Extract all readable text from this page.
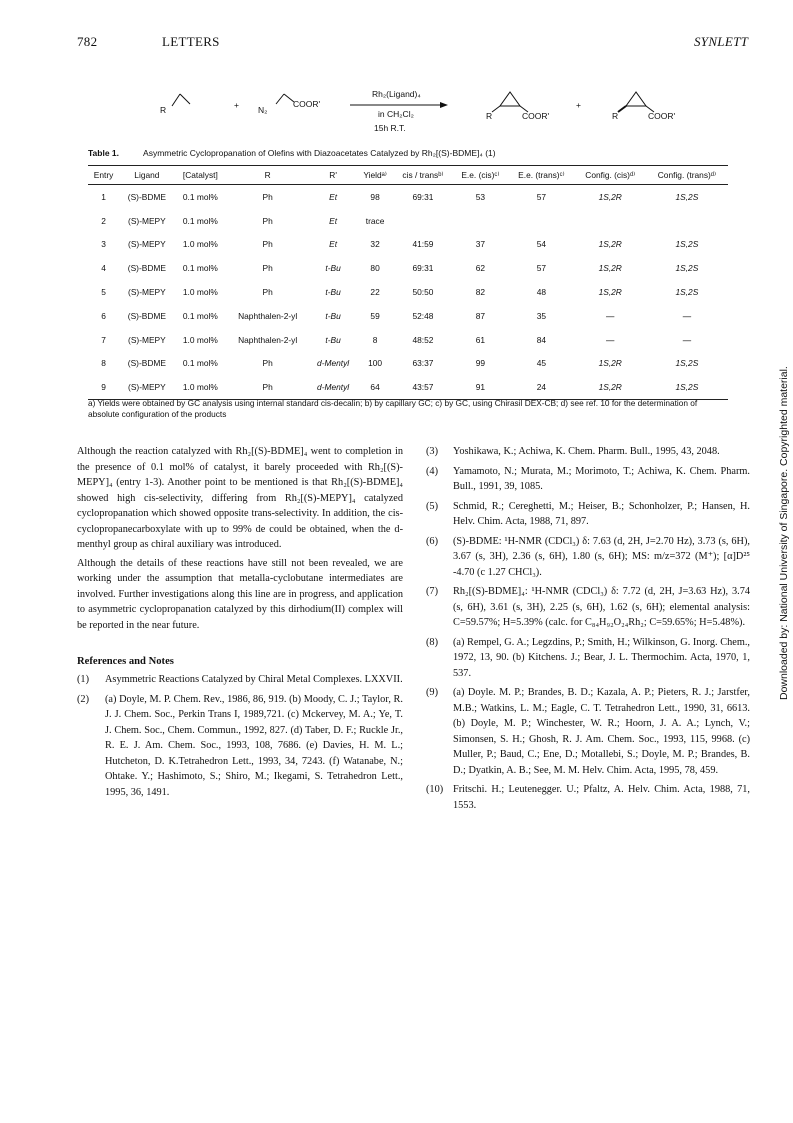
782	LETTERS	SYNLETT
R	+ N₂
COOR'
Rh₂(Ligand)₄
in CH₂Cl₂
15h R.T.
R	COOR'
+
R	COOR'
Table 1.	Asymmetric Cyclopropanation of Olefins with Diazoacetates Catalyzed by Rh₂[(S)-BDME]₄ (1)
Entry	Ligand	[Catalyst]	R	R'	Yieldᵃ⁾	cis / transᵇ⁾	E.e. (cis)ᶜ⁾	E.e. (trans)ᶜ⁾	Config. (cis)ᵈ⁾	Config. (trans)ᵈ⁾
1	(S)-BDME	0.1 mol%	Ph	Et	98	69:31	53	57	1S,2R	1S,2S
2	(S)-MEPY	0.1 mol%	Ph	Et	trace					
3	(S)-MEPY	1.0 mol%	Ph	Et	32	41:59	37	54	1S,2R	1S,2S
4	(S)-BDME	0.1 mol%	Ph	t-Bu	80	69:31	62	57	1S,2R	1S,2S
5	(S)-MEPY	1.0 mol%	Ph	t-Bu	22	50:50	82	48	1S,2R	1S,2S
6	(S)-BDME	0.1 mol%	Naphthalen-2-yl	t-Bu	59	52:48	87	35	—	—
7	(S)-MEPY	1.0 mol%	Naphthalen-2-yl	t-Bu	8	48:52	61	84	—	—
8	(S)-BDME	0.1 mol%	Ph	d-Mentyl	100	63:37	99	45	1S,2R	1S,2S
9	(S)-MEPY	1.0 mol%	Ph	d-Mentyl	64	43:57	91	24	1S,2R	1S,2S
a) Yields were obtained by GC analysis using internal standard cis-decalin; b) by capillary GC; c) by GC, using Chirasil DEX-CB; d) see ref. 10 for the determination of absolute configuration of the products
Although the reaction catalyzed with Rh₂[(S)-BDME]₄ went to completion in the presence of 0.1 mol% of catalyst, it barely proceeded with Rh₂[(S)-MEPY]₄ (entry 1-3). Another point to be mentioned is that Rh₂[(S)-BDME]₄ showed high cis-selectivity, differing from Rh₂[(S)-MEPY]₄ catalyzed cyclopropanation which showed opposite trans-selectivity. In addition, the cis-cyclopropanecarboxylate with up to 99% de could be obtained, when the d-menthyl group as chiral auxiliary was introduced.
Although the details of these reactions have still not been revealed, we are working under the assumption that metalla-cyclobutane intermediates are involved. Further investigations along this line are in progress, and application to asymmetric cyclopropanation catalyzed by this dirhodium(II) complex will be reported in the near future.
References and Notes
(1)	Asymmetric Reactions Catalyzed by Chiral Metal Complexes. LXXVII.
(2)	(a) Doyle, M. P. Chem. Rev., 1986, 86, 919. (b) Moody, C. J.; Taylor, R. J. J. Chem. Soc., Perkin Trans I, 1989,721. (c) Mckervey, M. A.; Ye, T. J. Chem. Soc., Chem. Commun., 1992, 827. (d) Taber, D. F.; Ruckle Jr., R. E. J. Am. Chem. Soc., 1993, 108, 7686. (e) Davies, H. M. L.; Hutcheton, D. K.Tetrahedron Lett., 1993, 34, 7243. (f) Watanabe, N.; Ohtake. Y.; Hashimoto, S.; Shiro, M.; Ikegami, S. Tetrahedron Lett., 1995, 36, 1491.
(3)	Yoshikawa, K.; Achiwa, K. Chem. Pharm. Bull., 1995, 43, 2048.
(4)	Yamamoto, N.; Murata, M.; Morimoto, T.; Achiwa, K. Chem. Pharm. Bull., 1991, 39, 1085.
(5)	Schmid, R.; Cereghetti, M.; Heiser, B.; Schonholzer, P.; Hansen, H. Helv. Chim. Acta, 1988, 71, 897.
(6)	(S)-BDME: ¹H-NMR (CDCl₃) δ: 7.63 (d, 2H, J=2.70 Hz), 3.73 (s, 6H), 3.67 (s, 3H), 2.36 (s, 6H), 1.80 (s, 6H); MS: m/z=372 (M⁺); [α]D²⁵ -4.70 (c 1.27 CHCl₃).
(7)	Rh₂[(S)-BDME]₄: ¹H-NMR (CDCl₃) δ: 7.72 (d, 2H, J=3.63 Hz), 3.74 (s, 6H), 3.61 (s, 3H), 2.25 (s, 6H), 1.62 (s, 6H); elemental analysis: C=59.57%; H=5.39% (calc. for C₈₄H₉₂O₂₄Rh₂; C=59.65%; H=5.48%).
(8)	(a) Rempel, G. A.; Legzdins, P.; Smith, H.; Wilkinson, G. Inorg. Chem., 1972, 13, 90. (b) Kitchens. J.; Bear, J. L. Thermochim. Acta, 1970, 1, 537.
(9)	(a) Doyle. M. P.; Brandes, B. D.; Kazala, A. P.; Pieters, R. J.; Jarstfer, M.B.; Watkins, L. M.; Eagle, C. T. Tetrahedron Lett., 1990, 31, 6613. (b) Doyle, M. P.; Winchester, W. R.; Hoorn, J. A. A.; Lynch, V.; Simonsen, S. H.; Ghosh, R. J. Am. Chem. Soc., 1993, 115, 9968. (c) Muller, P.; Baud, C.; Ene, D.; Motallebi, S.; Doyle, M. P.; Brandes, B. D.; Dyatkin, A. B.; See, M. M. Helv. Chim. Acta, 1995, 78, 459.
(10) Fritschi. H.; Leutenegger. U.; Pfaltz, A. Helv. Chim. Acta, 1988, 71, 1553.
Downloaded by: National University of Singapore. Copyrighted material.
